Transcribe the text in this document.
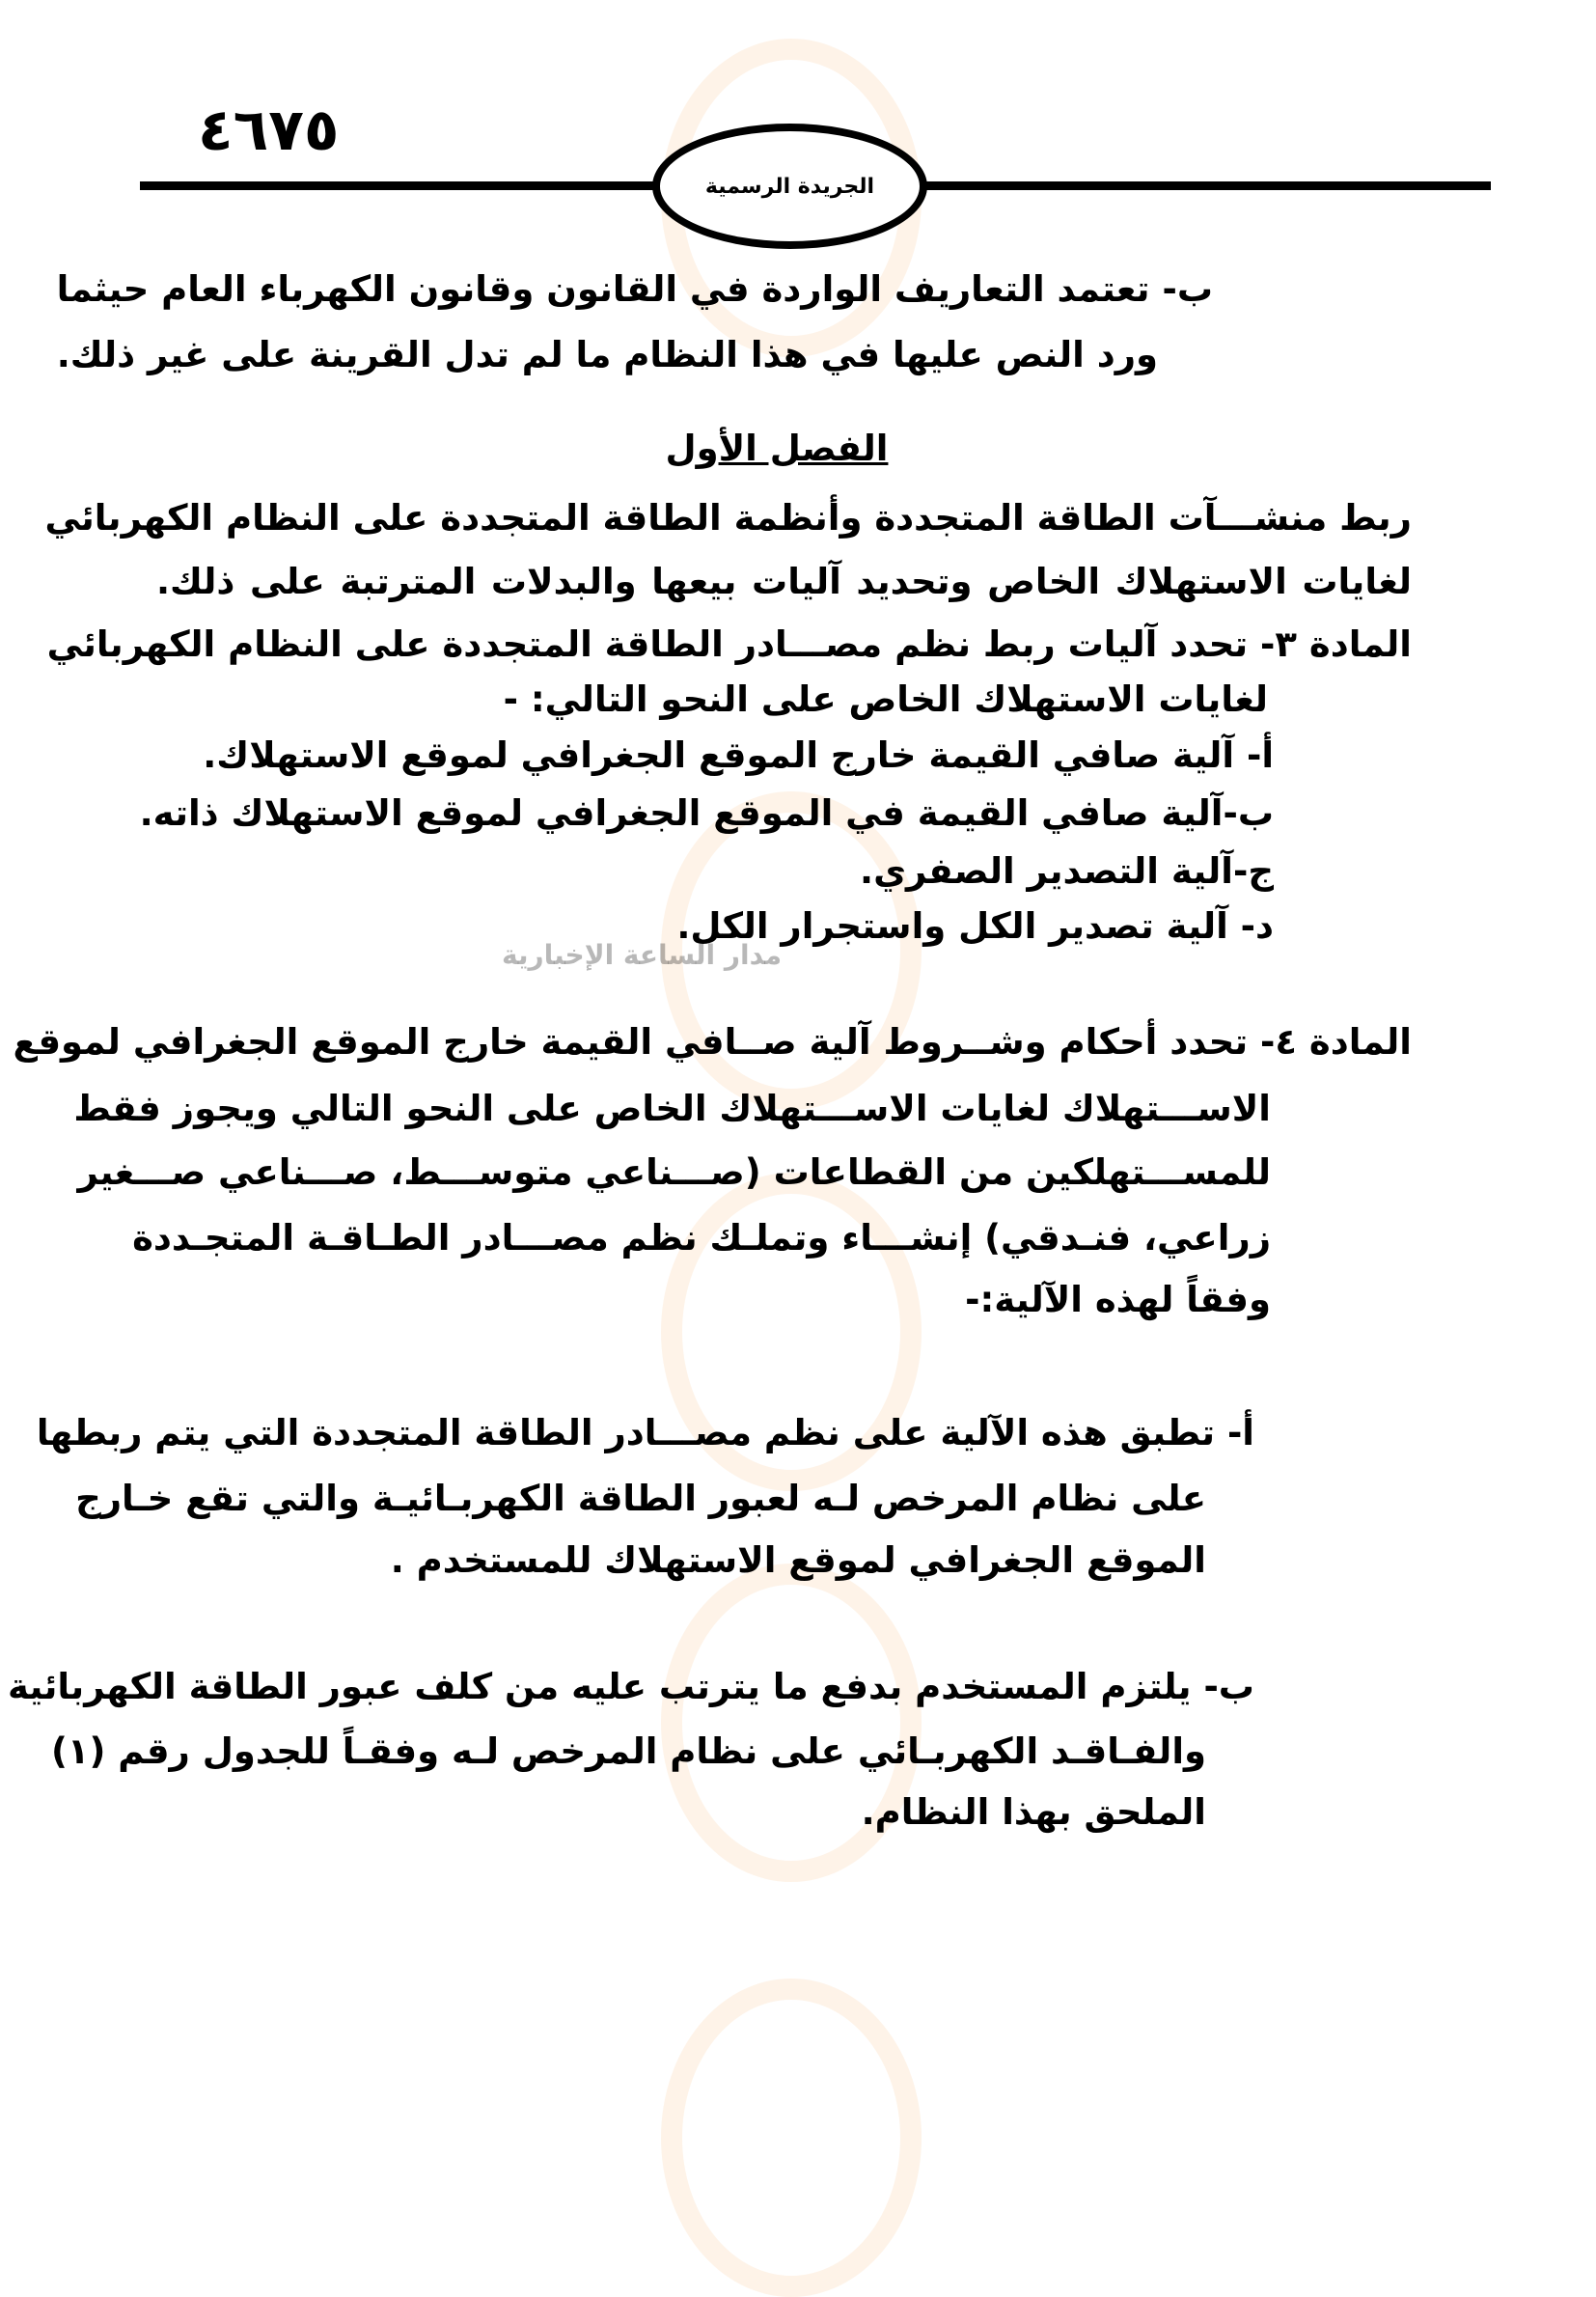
مدار الساعة الإخبارية
٤٦٧٥
الجريدة الرسمية
ب- تعتمد التعاريف الواردة في القانون وقانون الكهرباء العام حيثما
ورد النص عليها في هذا النظام ما لم تدل القرينة على غير ذلك.
الفصل الأول
ربط منشـــآت الطاقة المتجددة وأنظمة الطاقة المتجددة على النظام الكهربائي
لغايات الاستهلاك الخاص وتحديد آليات بيعها والبدلات المترتبة على ذلك.
المادة ٣- تحدد آليات ربط نظم مصـــادر الطاقة المتجددة على النظام الكهربائي
لغايات الاستهلاك الخاص على النحو التالي: -
أ- آلية صافي القيمة خارج الموقع الجغرافي لموقع الاستهلاك.
ب-آلية صافي القيمة في الموقع الجغرافي لموقع الاستهلاك ذاته.
ج-آلية التصدير الصفري.
د- آلية تصدير الكل واستجرار الكل.
المادة ٤- تحدد أحكام وشــروط آلية صــافي القيمة خارج الموقع الجغرافي لموقع
الاســـتهلاك لغايات الاســـتهلاك الخاص على النحو التالي ويجوز فقط
للمســـتهلكين من القطاعات (صـــناعي متوســـط، صـــناعي صـــغير
زراعي، فنـدقي) إنشـــاء وتملـك نظم مصـــادر الطـاقـة المتجـددة
وفقاً لهذه الآلية:-
أ- تطبق هذه الآلية على نظم مصـــادر الطاقة المتجددة التي يتم ربطها
على نظام المرخص لـه لعبور الطاقة الكهربـائيـة والتي تقع خـارج
الموقع الجغرافي لموقع الاستهلاك للمستخدم .
ب- يلتزم المستخدم بدفع ما يترتب عليه من كلف عبور الطاقة الكهربائية
والفـاقـد الكهربـائي على نظام المرخص لـه وفقـاً للجدول رقم (١)
الملحق بهذا النظام.
